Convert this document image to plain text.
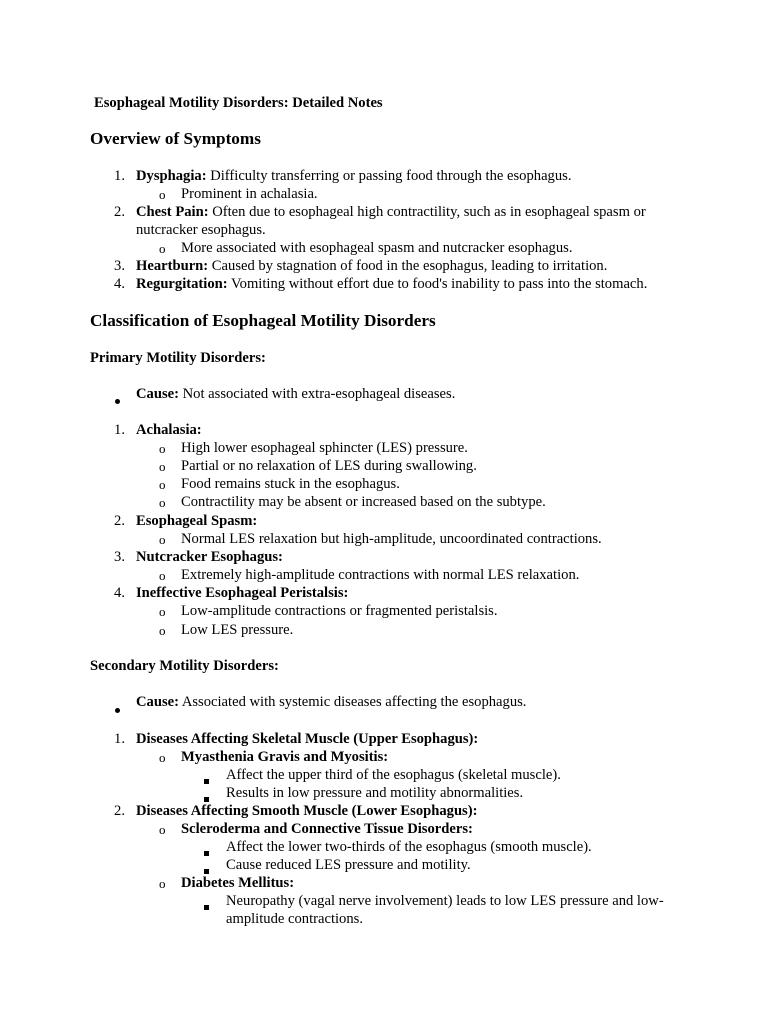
Esophageal Motility Disorders: Detailed Notes
Overview of Symptoms
1. Dysphagia: Difficulty transferring or passing food through the esophagus.
o Prominent in achalasia.
2. Chest Pain: Often due to esophageal high contractility, such as in esophageal spasm or
nutcracker esophagus.
o More associated with esophageal spasm and nutcracker esophagus.
3. Heartburn: Caused by stagnation of food in the esophagus, leading to irritation.
4. Regurgitation: Vomiting without effort due to food's inability to pass into the stomach.
Classification of Esophageal Motility Disorders
Primary Motility Disorders:
Cause: Not associated with extra-esophageal diseases.
1. Achalasia:
o High lower esophageal sphincter (LES) pressure.
o Partial or no relaxation of LES during swallowing.
o Food remains stuck in the esophagus.
o Contractility may be absent or increased based on the subtype.
2. Esophageal Spasm:
o Normal LES relaxation but high-amplitude, uncoordinated contractions.
3. Nutcracker Esophagus:
o Extremely high-amplitude contractions with normal LES relaxation.
4. Ineffective Esophageal Peristalsis:
o Low-amplitude contractions or fragmented peristalsis.
o Low LES pressure.
Secondary Motility Disorders:
Cause: Associated with systemic diseases affecting the esophagus.
1. Diseases Affecting Skeletal Muscle (Upper Esophagus):
o Myasthenia Gravis and Myositis:
Affect the upper third of the esophagus (skeletal muscle).
Results in low pressure and motility abnormalities.
2. Diseases Affecting Smooth Muscle (Lower Esophagus):
o Scleroderma and Connective Tissue Disorders:
Affect the lower two-thirds of the esophagus (smooth muscle).
Cause reduced LES pressure and motility.
o Diabetes Mellitus:
Neuropathy (vagal nerve involvement) leads to low LES pressure and low-
amplitude contractions.
